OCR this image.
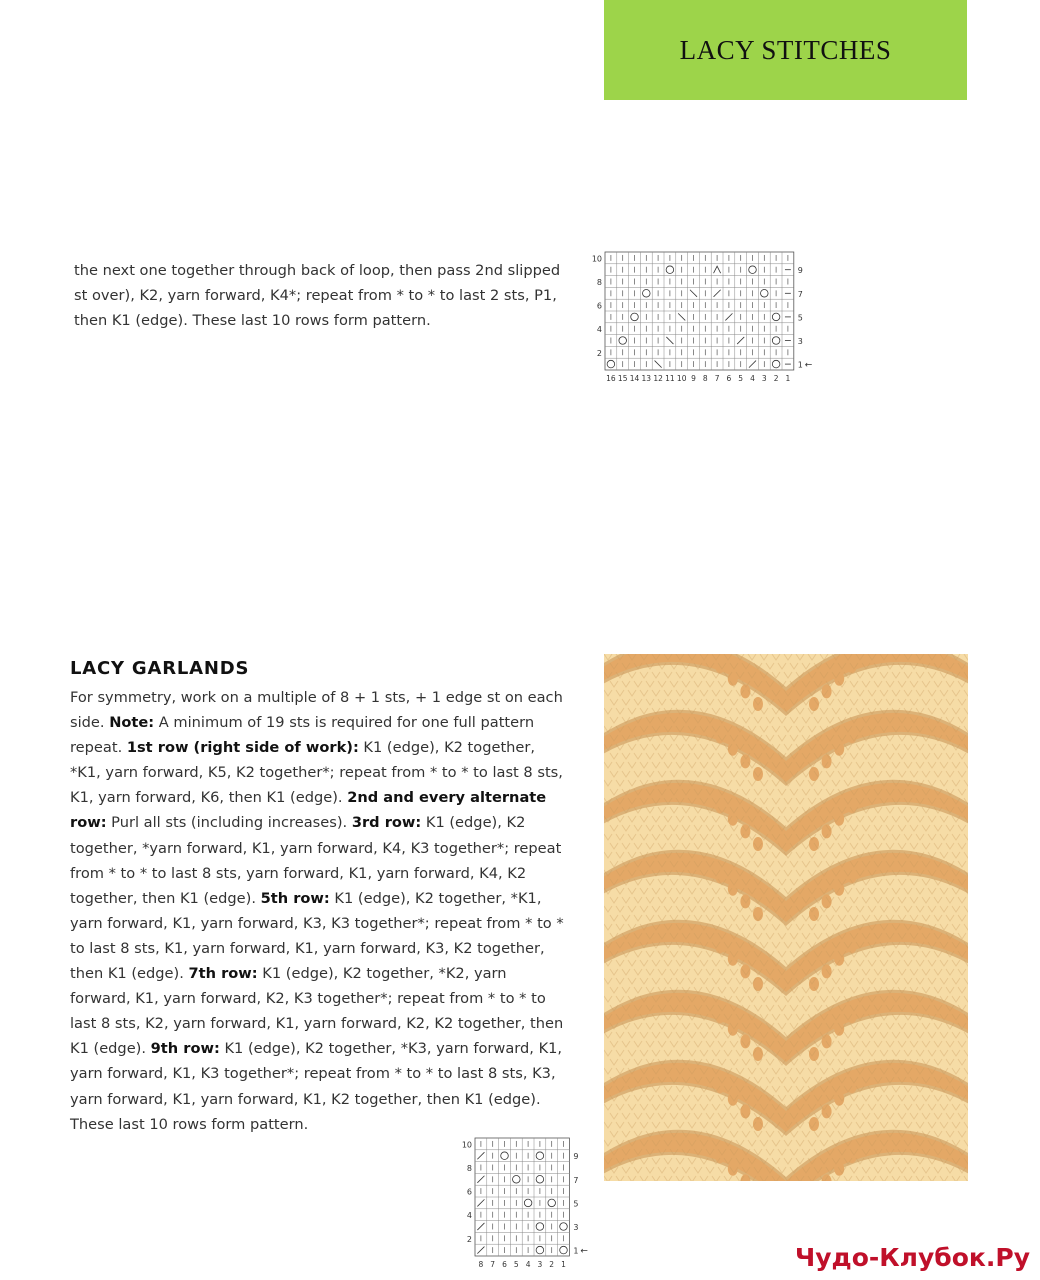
LACY STITCHES
the next one together through back of loop, then pass 2nd slipped st over), K2, yarn forward, K4*; repeat from * to * to last 2 sts, P1, then K1 (edge). These last 10 rows form pattern.
10
8
6
4
2
9
7
5
3
1 ←
16 15 14 13 12 11 10 9 8 7 6 5 4 3 2 1
LACY GARLANDS

For symmetry, work on a multiple of 8 + 1 sts, + 1 edge st on each side. Note: A minimum of 19 sts is required for one full pattern repeat. 1st row (right side of work): K1 (edge), K2 together, *K1, yarn forward, K5, K2 together*; repeat from * to * to last 8 sts, K1, yarn forward, K6, then K1 (edge). 2nd and every alternate row: Purl all sts (including increases). 3rd row: K1 (edge), K2 together, *yarn forward, K1, yarn forward, K4, K3 together*; repeat from * to * to last 8 sts, yarn forward, K1, yarn forward, K4, K2 together, then K1 (edge). 5th row: K1 (edge), K2 together, *K1, yarn forward, K1, yarn forward, K3, K3 together*; repeat from * to * to last 8 sts, K1, yarn forward, K1, yarn forward, K3, K2 together, then K1 (edge). 7th row: K1 (edge), K2 together, *K2, yarn forward, K1, yarn forward, K2, K3 together*; repeat from * to * to last 8 sts, K2, yarn forward, K1, yarn forward, K2, K2 together, then K1 (edge). 9th row: K1 (edge), K2 together, *K3, yarn forward, K1, yarn forward, K1, K3 together*; repeat from * to * to last 8 sts, K3, yarn forward, K1, yarn forward, K1, K2 together, then K1 (edge). These last 10 rows form pattern.

10
8
6
4
2
9
7
5
3
1 ←
8 7 6 5 4 3 2 1	Чудо-Клубок.Ру
